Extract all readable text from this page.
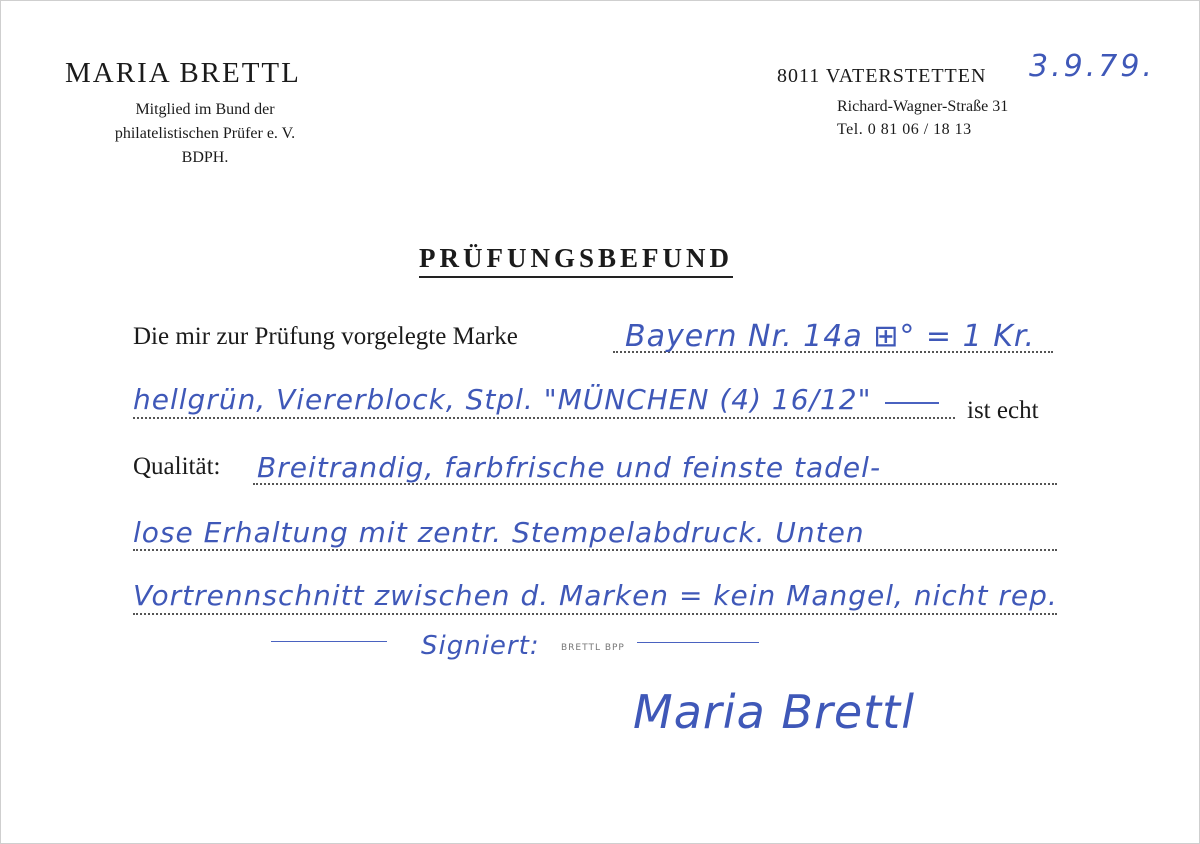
MARIA BRETTL
Mitglied im Bund der
philatelistischen Prüfer e. V.
BDPH.
8011 VATERSTETTEN
Richard-Wagner-Straße 31
Tel. 0 81 06 / 18 13
3.9.79.
PRÜFUNGSBEFUND
Die mir zur Prüfung vorgelegte Marke	Bayern Nr. 14a ⊞° = 1 Kr.
hellgrün, Viererblock, Stpl. "MÜNCHEN (4) 16/12"	ist echt
Qualität: Breitrandig, farbfrische und feinste tadel-
lose Erhaltung mit zentr. Stempelabdruck. Unten
Vortrennschnitt zwischen d. Marken = kein Mangel, nicht rep.
Signiert: BRETTL BPP
Maria Brettl
